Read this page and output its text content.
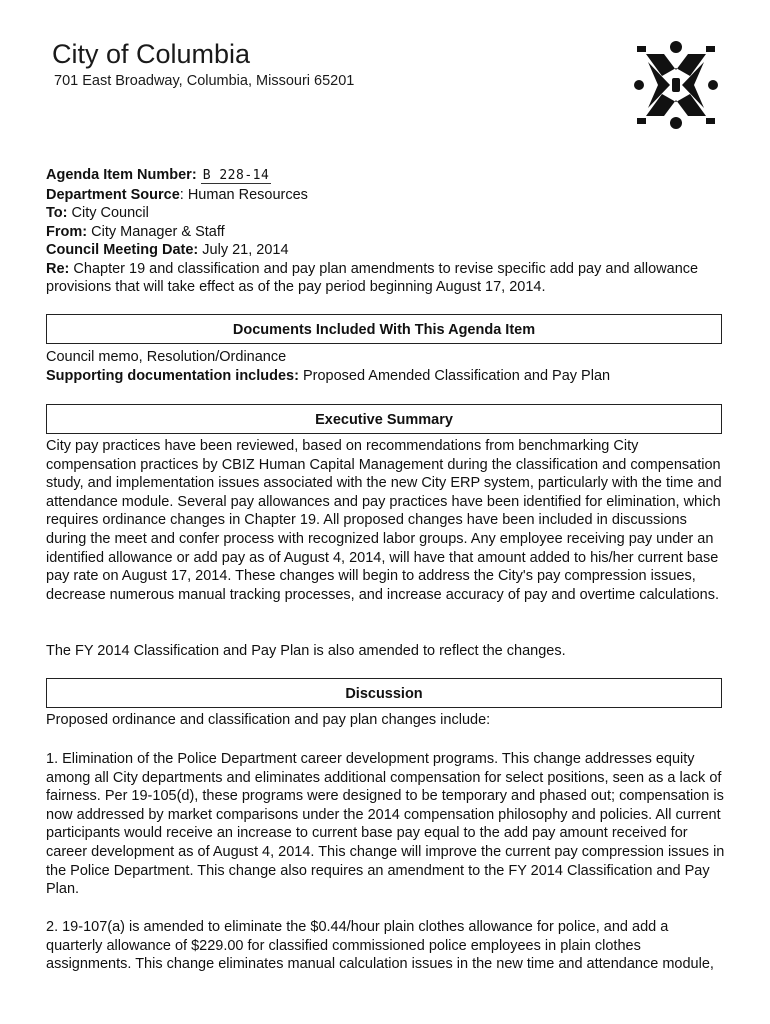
City of Columbia
701 East Broadway, Columbia, Missouri 65201
Agenda Item Number: B 228-14
Department Source: Human Resources
To: City Council
From: City Manager & Staff
Council Meeting Date: July 21, 2014
Re: Chapter 19 and classification and pay plan amendments to revise specific add pay and allowance provisions that will take effect as of the pay period beginning August 17, 2014.
Documents Included With This Agenda Item
Council memo, Resolution/Ordinance
Supporting documentation includes: Proposed Amended Classification and Pay Plan
Executive Summary
City pay practices have been reviewed, based on recommendations from benchmarking City compensation practices by CBIZ Human Capital Management during the classification and compensation study, and implementation issues associated with the new City ERP system, particularly with the time and attendance module. Several pay allowances and pay practices have been identified for elimination, which requires ordinance changes in Chapter 19. All proposed changes have been included in discussions during the meet and confer process with recognized labor groups. Any employee receiving pay under an identified allowance or add pay as of August 4, 2014, will have that amount added to his/her current base pay rate on August 17, 2014. These changes will begin to address the City's pay compression issues, decrease numerous manual tracking processes, and increase accuracy of pay and overtime calculations.
The FY 2014 Classification and Pay Plan is also amended to reflect the changes.
Discussion
Proposed ordinance and classification and pay plan changes include:
1. Elimination of the Police Department career development programs. This change addresses equity among all City departments and eliminates additional compensation for select positions, seen as a lack of fairness. Per 19-105(d), these programs were designed to be temporary and phased out; compensation is now addressed by market comparisons under the 2014 compensation philosophy and policies. All current participants would receive an increase to current base pay equal to the add pay amount received for career development as of August 4, 2014. This change will improve the current pay compression issues in the Police Department. This change also requires an amendment to the FY 2014 Classification and Pay Plan.
2. 19-107(a) is amended to eliminate the $0.44/hour plain clothes allowance for police, and add a quarterly allowance of $229.00 for classified commissioned police employees in plain clothes assignments. This change eliminates manual calculation issues in the new time and attendance module,
